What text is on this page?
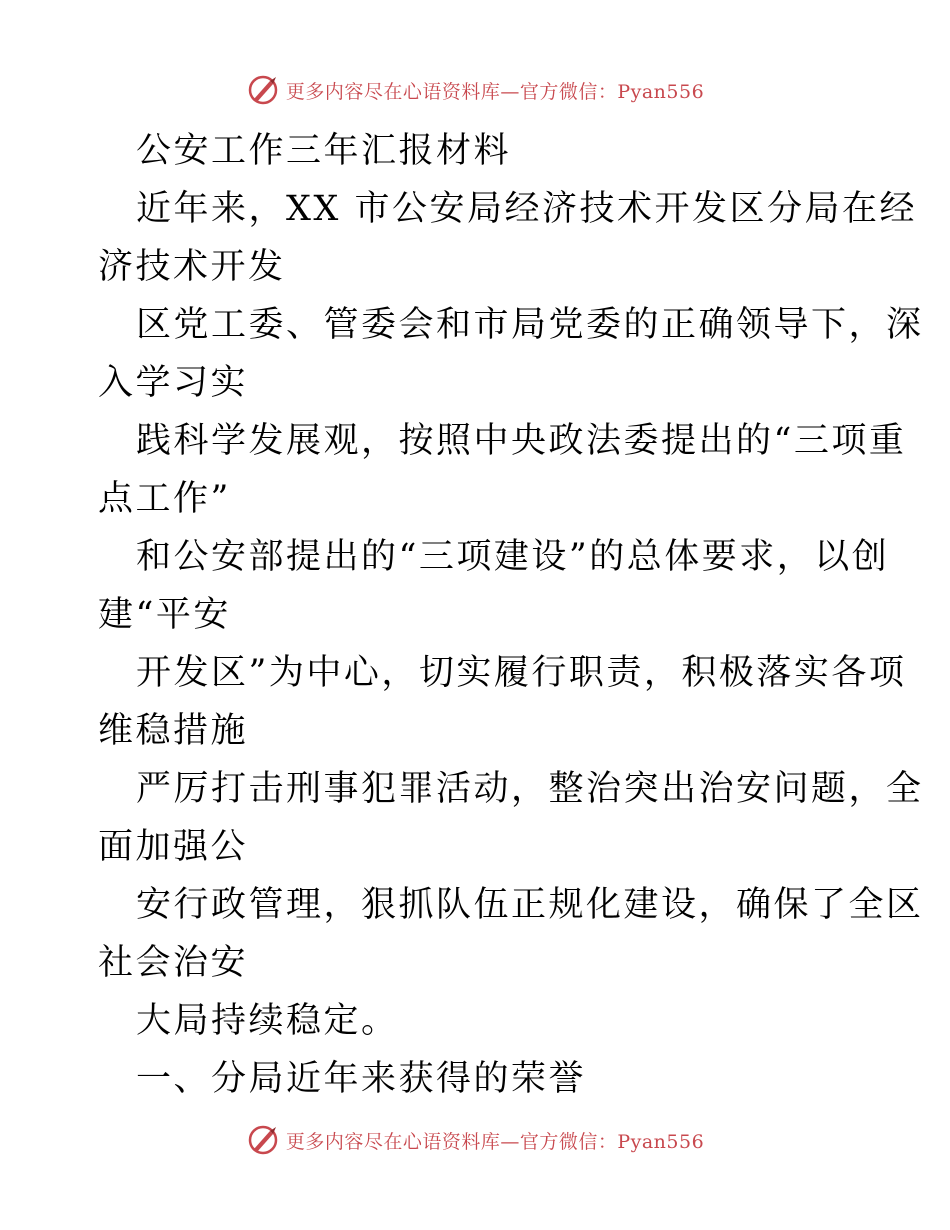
更多内容尽在心语资料库—官方微信：Pyan556
公安工作三年汇报材料
近年来，XX 市公安局经济技术开发区分局在经
济技术开发
区党工委、管委会和市局党委的正确领导下，深
入学习实
践科学发展观，按照中央政法委提出的“三项重
点工作”
和公安部提出的“三项建设”的总体要求，以创
建“平安
开发区”为中心，切实履行职责，积极落实各项
维稳措施
严厉打击刑事犯罪活动，整治突出治安问题，全
面加强公
安行政管理，狠抓队伍正规化建设，确保了全区
社会治安
大局持续稳定。
一、分局近年来获得的荣誉
更多内容尽在心语资料库—官方微信：Pyan556
